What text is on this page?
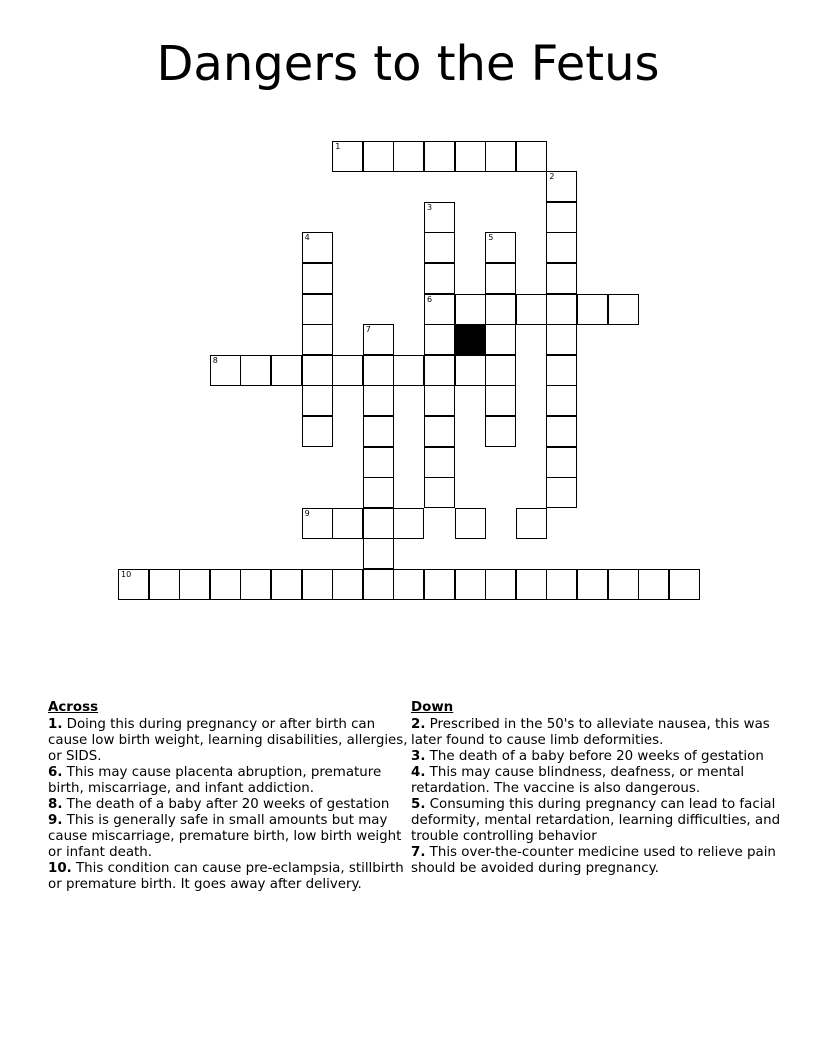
Dangers to the Fetus
1
2
3
6
4	5
7
8
9
10
Across
1. Doing this during pregnancy or after birth can cause low birth weight, learning disabilities, allergies, or SIDS.
6. This may cause placenta abruption, premature birth, miscarriage, and infant addiction.
8. The death of a baby after 20 weeks of gestation
9. This is generally safe in small amounts but may cause miscarriage, premature birth, low birth weight or infant death.
10. This condition can cause pre-eclampsia, stillbirth or premature birth. It goes away after delivery.
Down
2. Prescribed in the 50's to alleviate nausea, this was later found to cause limb deformities.
3. The death of a baby before 20 weeks of gestation
4. This may cause blindness, deafness, or mental retardation. The vaccine is also dangerous.
5. Consuming this during pregnancy can lead to facial deformity, mental retardation, learning difficulties, and trouble controlling behavior
7. This over-the-counter medicine used to relieve pain should be avoided during pregnancy.
